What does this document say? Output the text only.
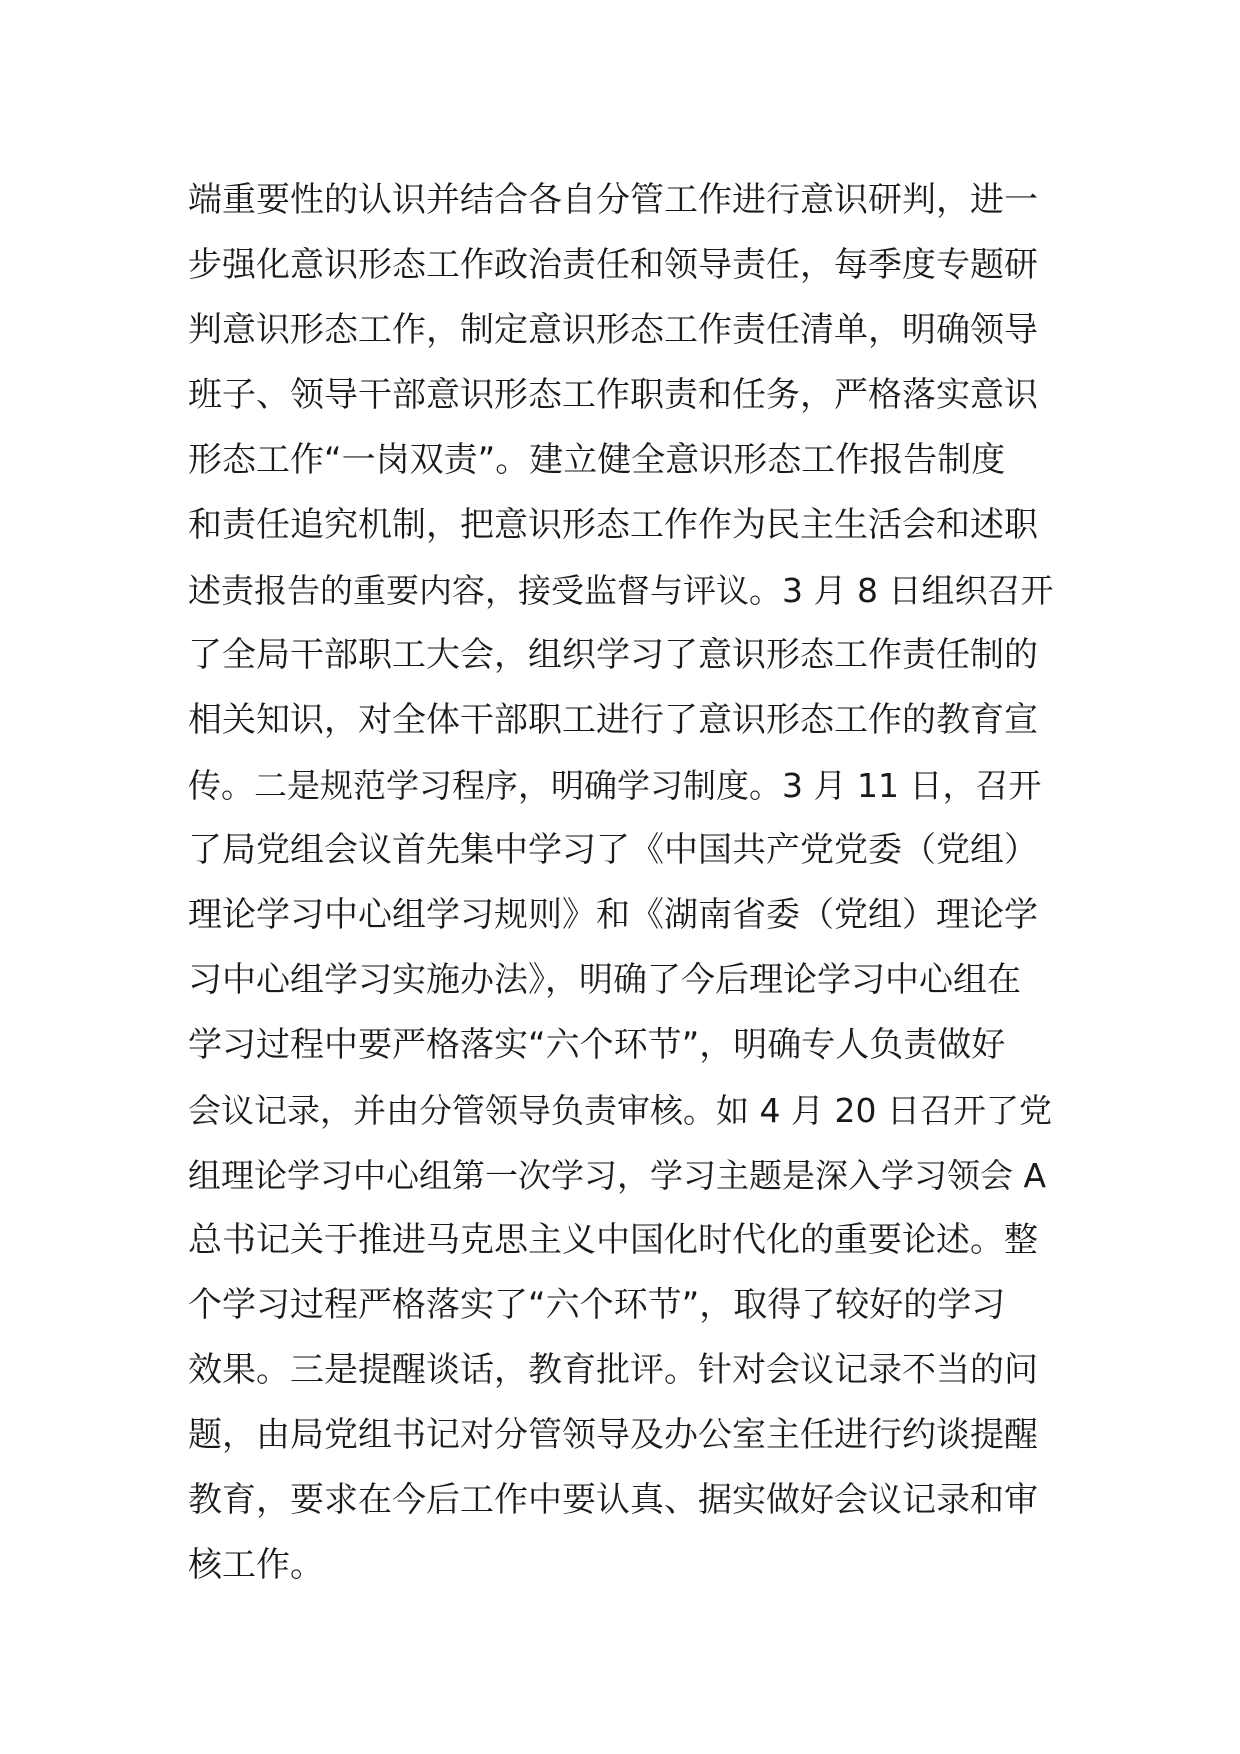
端重要性的认识并结合各自分管工作进行意识研判，进一
步强化意识形态工作政治责任和领导责任，每季度专题研
判意识形态工作，制定意识形态工作责任清单，明确领导
班子、领导干部意识形态工作职责和任务，严格落实意识
形态工作“一岗双责”。建立健全意识形态工作报告制度
和责任追究机制，把意识形态工作作为民主生活会和述职
述责报告的重要内容，接受监督与评议。3 月 8 日组织召开
了全局干部职工大会，组织学习了意识形态工作责任制的
相关知识，对全体干部职工进行了意识形态工作的教育宣
传。二是规范学习程序，明确学习制度。3 月 11 日，召开
了局党组会议首先集中学习了《中国共产党党委（党组）
理论学习中心组学习规则》和《湖南省委（党组）理论学
习中心组学习实施办法》，明确了今后理论学习中心组在
学习过程中要严格落实“六个环节”，明确专人负责做好
会议记录，并由分管领导负责审核。如 4 月 20 日召开了党
组理论学习中心组第一次学习，学习主题是深入学习领会 A
总书记关于推进马克思主义中国化时代化的重要论述。整
个学习过程严格落实了“六个环节”，取得了较好的学习
效果。三是提醒谈话，教育批评。针对会议记录不当的问
题，由局党组书记对分管领导及办公室主任进行约谈提醒
教育，要求在今后工作中要认真、据实做好会议记录和审
核工作。
